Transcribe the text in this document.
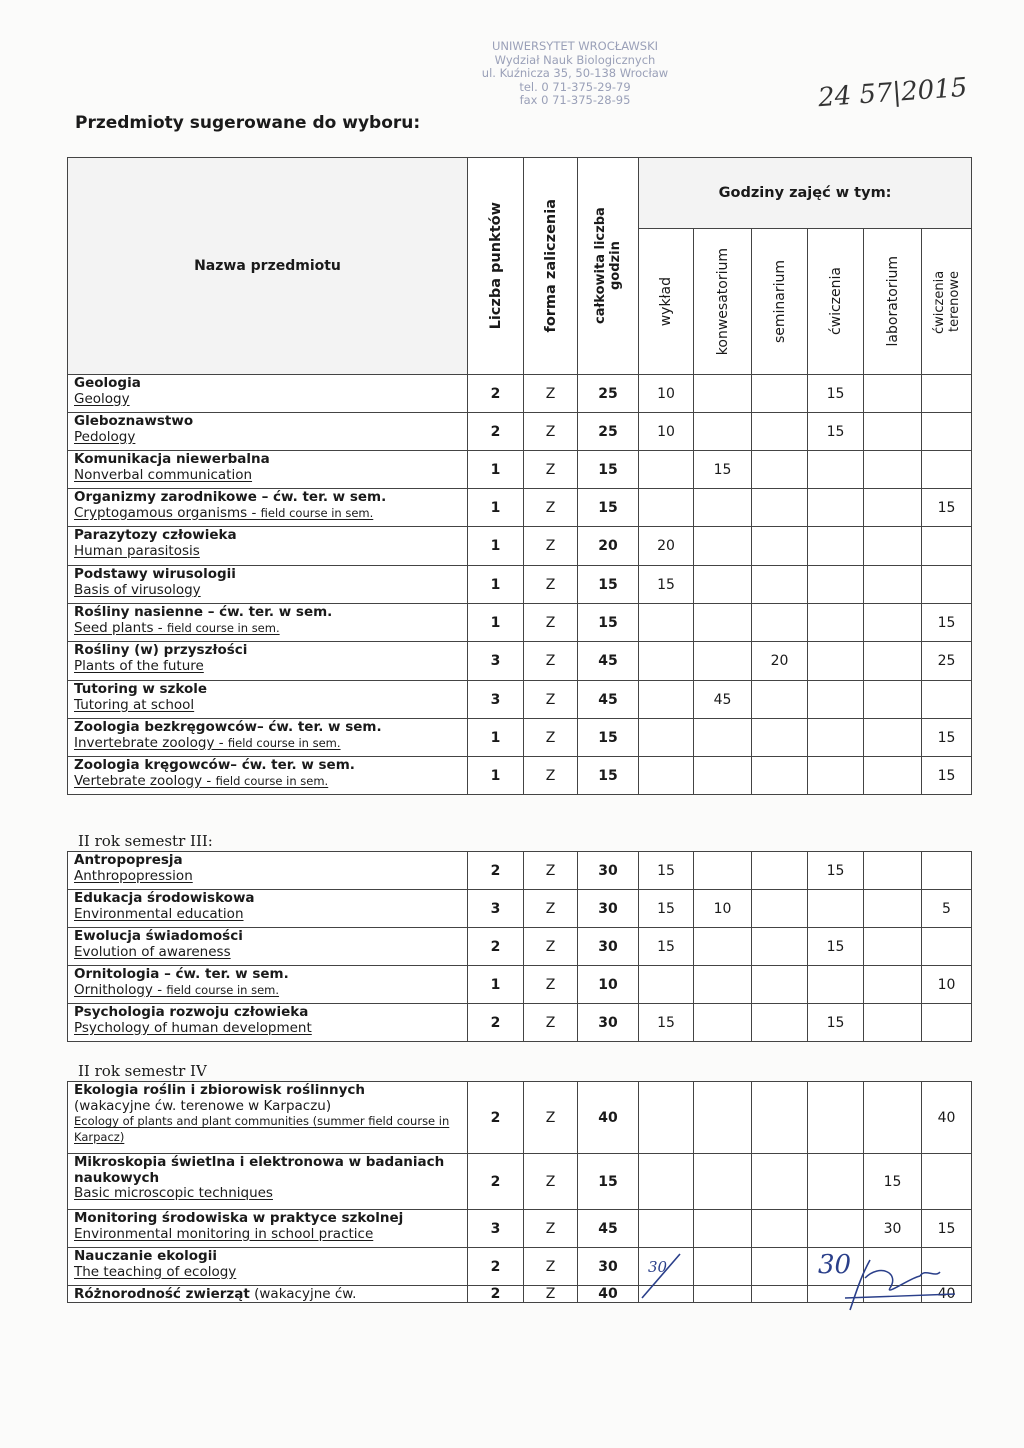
Przedmioty sugerowane do wyboru:
UNIWERSYTET WROCŁAWSKI
Wydział Nauk Biologicznych
ul. Kuźnicza 35, 50-138 Wrocław
tel. 0 71-375-29-79
fax 0 71-375-28-95	24 57|2015
Nazwa przedmiotu	Liczba punktów	forma zaliczenia	całkowita liczba godzin	Godziny zajęć w tym:					

				wykład	konwesatorium	seminarium	ćwiczenia	laboratorium	ćwiczenia terenowe

Geologia
Geology	2	Z	25	10			15		

Gleboznawstwo
Pedology	2	Z	25	10			15		

Komunikacja niewerbalna
Nonverbal communication	1	Z	15		15				

Organizmy zarodnikowe – ćw. ter. w sem.
Cryptogamous organisms - field course in sem.	1	Z	15						15

Parazytozy człowieka
Human parasitosis	1	Z	20	20					

Podstawy wirusologii
Basis of virusology	1	Z	15	15					

Rośliny nasienne – ćw. ter. w sem.
Seed plants - field course in sem.	1	Z	15						15

Rośliny (w) przyszłości
Plants of the future	3	Z	45			20			25

Tutoring w szkole
Tutoring at school	3	Z	45		45				

Zoologia bezkręgowców– ćw. ter. w sem.
Invertebrate zoology - field course in sem.	1	Z	15						15

Zoologia kręgowców– ćw. ter. w sem.
Vertebrate zoology - field course in sem.	1	Z	15						15
II rok semestr III:
Antropopresja
Anthropopression	2	Z	30	15			15		

Edukacja środowiskowa
Environmental education	3	Z	30	15	10				5

Ewolucja świadomości
Evolution of awareness	2	Z	30	15			15		

Ornitologia – ćw. ter. w sem.
Ornithology - field course in sem.	1	Z	10						10

Psychologia rozwoju człowieka
Psychology of human development	2	Z	30	15			15		
II rok semestr IV
Ekologia roślin i zbiorowisk roślinnych
(wakacyjne ćw. terenowe w Karpaczu)
Ecology of plants and plant communities (summer field course in Karpacz)	2	Z	40						40

Mikroskopia świetlna i elektronowa w badaniach naukowych
Basic microscopic techniques	2	Z	15					15	

Monitoring środowiska w praktyce szkolnej
Environmental monitoring in school practice	3	Z	45					30	15

Nauczanie ekologii
The teaching of ecology	2	Z	30						
Różnorodność zwierząt (wakacyjne ćw.	2	Z	40						40
30	30
